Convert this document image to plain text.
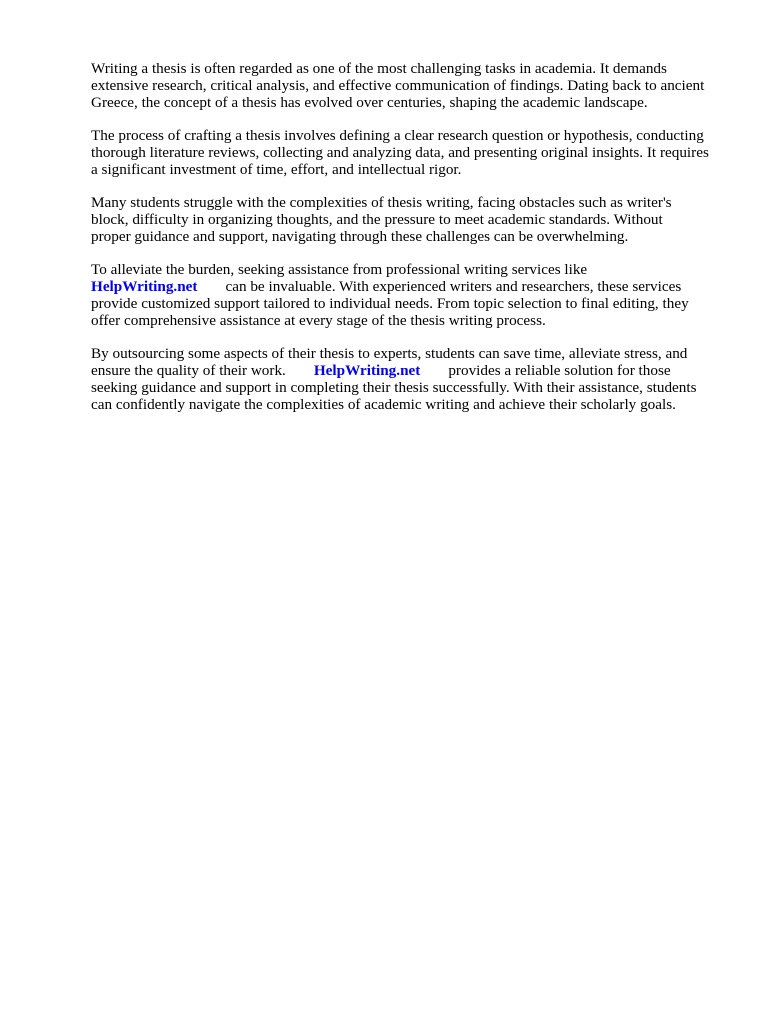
Writing a thesis is often regarded as one of the most challenging tasks in academia. It demands
extensive research, critical analysis, and effective communication of findings. Dating back to ancient
Greece, the concept of a thesis has evolved over centuries, shaping the academic landscape.

The process of crafting a thesis involves defining a clear research question or hypothesis, conducting
thorough literature reviews, collecting and analyzing data, and presenting original insights. It requires
a significant investment of time, effort, and intellectual rigor.

Many students struggle with the complexities of thesis writing, facing obstacles such as writer's
block, difficulty in organizing thoughts, and the pressure to meet academic standards. Without
proper guidance and support, navigating through these challenges can be overwhelming.

To alleviate the burden, seeking assistance from professional writing services like
HelpWriting.net can be invaluable. With experienced writers and researchers, these services
provide customized support tailored to individual needs. From topic selection to final editing, they
offer comprehensive assistance at every stage of the thesis writing process.

By outsourcing some aspects of their thesis to experts, students can save time, alleviate stress, and
ensure the quality of their work. HelpWriting.net provides a reliable solution for those
seeking guidance and support in completing their thesis successfully. With their assistance, students
can confidently navigate the complexities of academic writing and achieve their scholarly goals.
